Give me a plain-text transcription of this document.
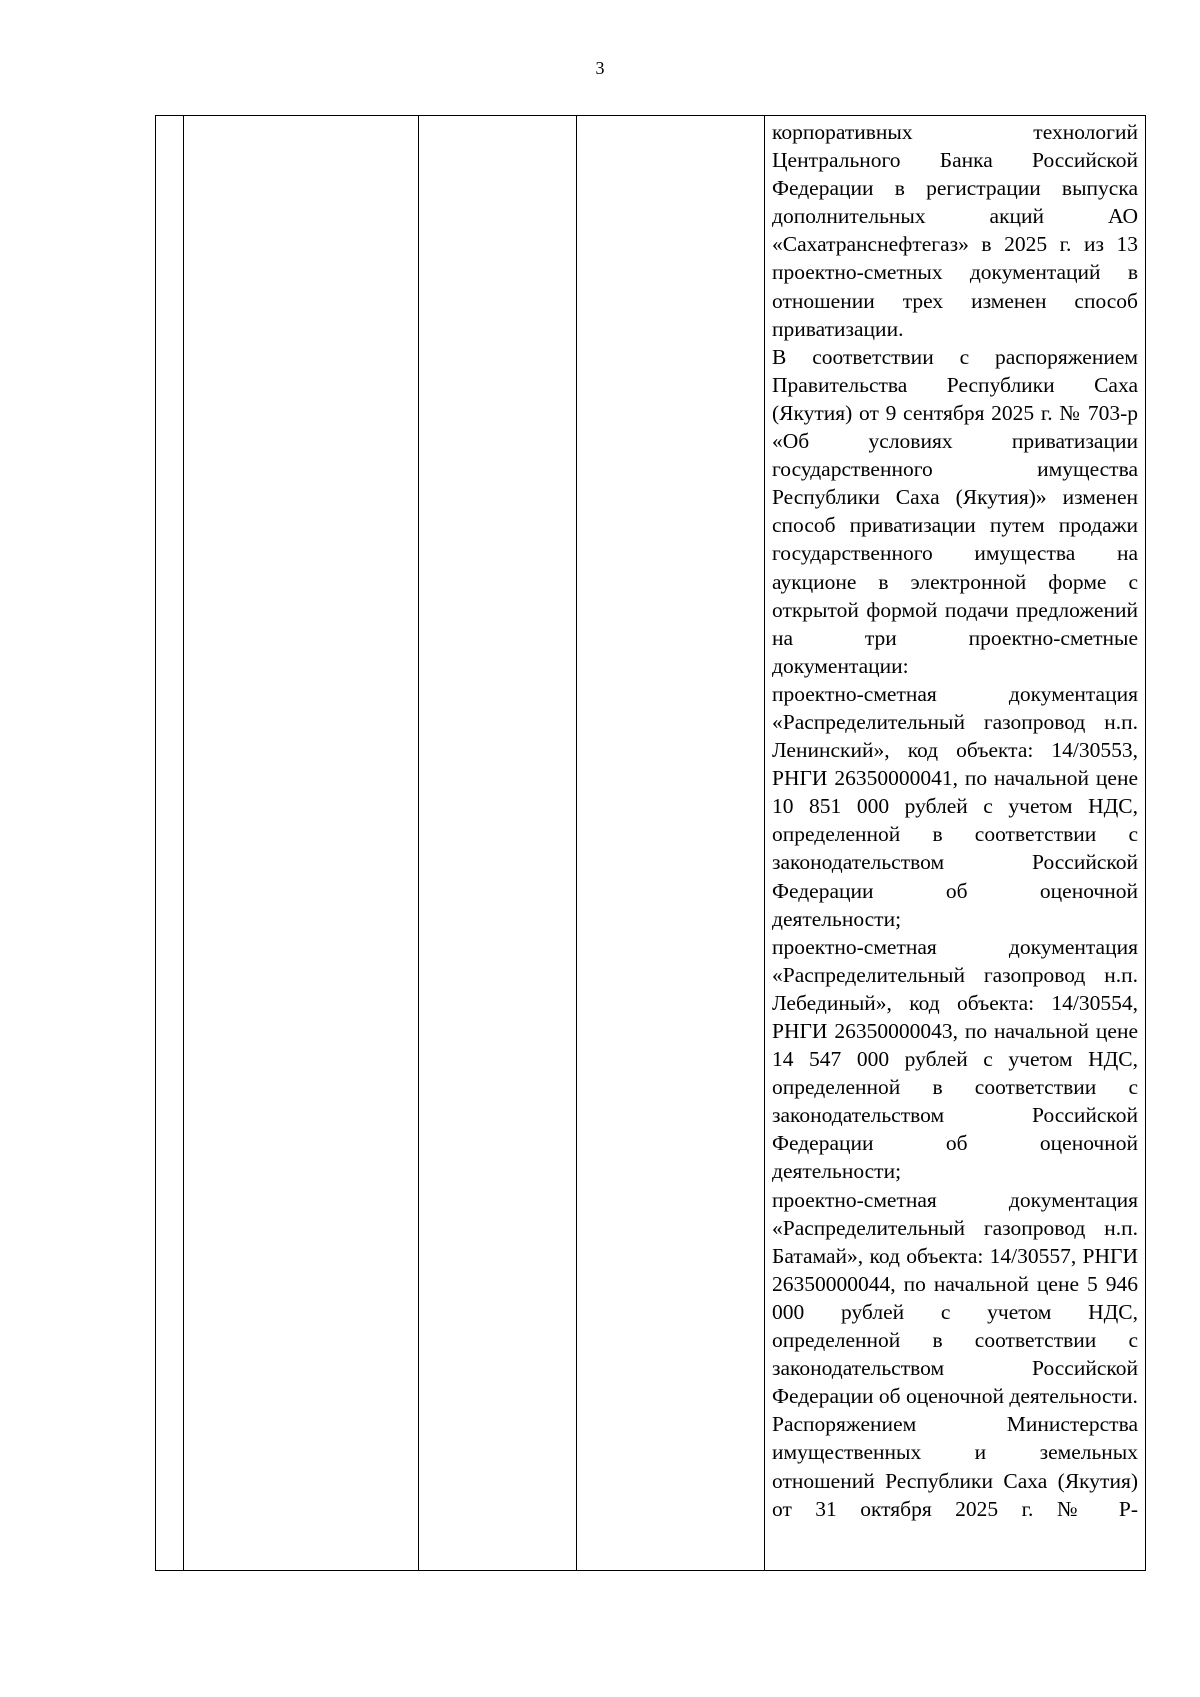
3

корпоративных технологий Центрального Банка Российской Федерации в регистрации выпуска дополнительных акций АО «Сахатранснефтегаз» в 2025 г. из 13 проектно-сметных документаций в отношении трех изменен способ приватизации.

В соответствии с распоряжением Правительства Республики Саха (Якутия) от 9 сентября 2025 г. № 703-р «Об условиях приватизации государственного имущества Республики Саха (Якутия)» изменен способ приватизации путем продажи государственного имущества на аукционе в электронной форме с открытой формой подачи предложений на три проектно-сметные документации:

проектно-сметная документация «Распределительный газопровод н.п. Ленинский», код объекта: 14/30553, РНГИ 26350000041, по начальной цене 10 851 000 рублей с учетом НДС, определенной в соответствии с законодательством Российской Федерации об оценочной деятельности;

проектно-сметная документация «Распределительный газопровод н.п. Лебединый», код объекта: 14/30554, РНГИ 26350000043, по начальной цене 14 547 000 рублей с учетом НДС, определенной в соответствии с законодательством Российской Федерации об оценочной деятельности;

проектно-сметная документация «Распределительный газопровод н.п. Батамай», код объекта: 14/30557, РНГИ 26350000044, по начальной цене 5 946 000 рублей с учетом НДС, определенной в соответствии с законодательством Российской Федерации об оценочной деятельности.

Распоряжением Министерства имущественных и земельных отношений Республики Саха (Якутия) от 31 октября 2025 г. № Р-
